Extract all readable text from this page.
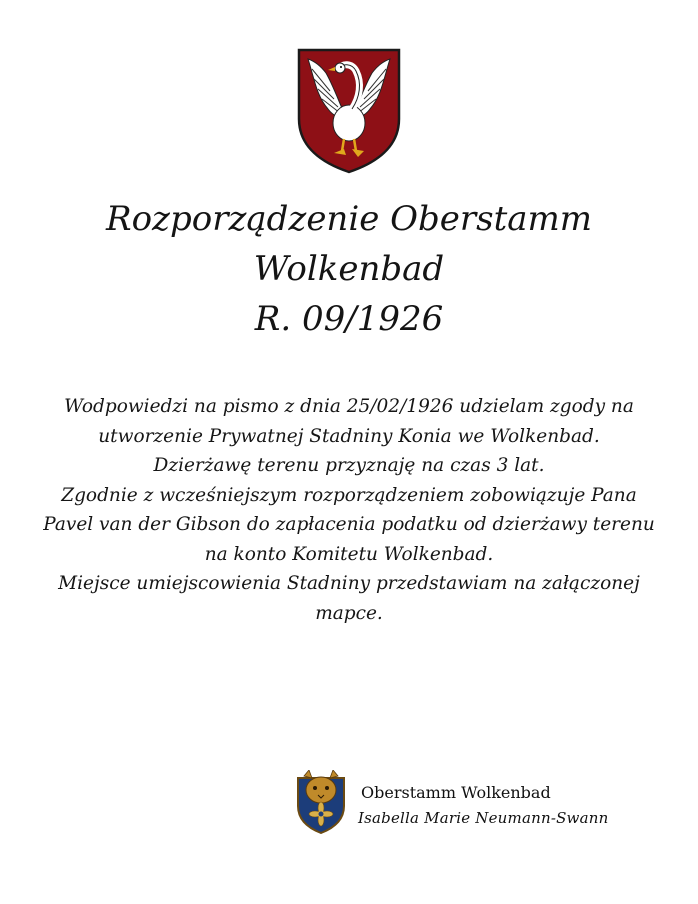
Rozporządzenie Oberstamm
Wolkenbad
R. 09/1926
Wodpowiedzi na pismo z dnia 25/02/1926 udzielam zgody na
utworzenie Prywatnej Stadniny Konia we Wolkenbad.
Dzierżawę terenu przyznaję na czas 3 lat.
Zgodnie z wcześniejszym rozporządzeniem zobowiązuje Pana
Pavel van der Gibson do zapłacenia podatku od dzierżawy terenu
na konto Komitetu Wolkenbad.
Miejsce umiejscowienia Stadniny przedstawiam na załączonej
mapce.
Oberstamm Wolkenbad
Isabella Marie Neumann-Swann
